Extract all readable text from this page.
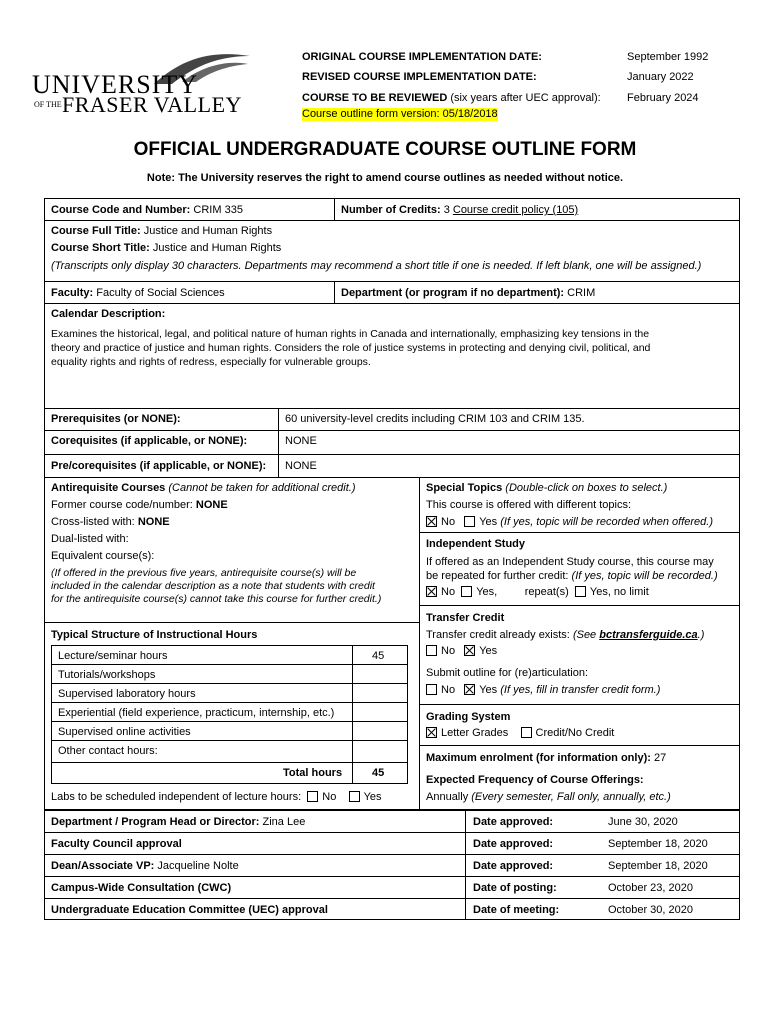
UNIVERSITY
OF THE FRASER VALLEY
ORIGINAL COURSE IMPLEMENTATION DATE:	September 1992
REVISED COURSE IMPLEMENTATION DATE:	January 2022
COURSE TO BE REVIEWED (six years after UEC approval): February 2024
Course outline form version: 05/18/2018
OFFICIAL UNDERGRADUATE COURSE OUTLINE FORM
Note: The University reserves the right to amend course outlines as needed without notice.
Course Code and Number: CRIM 335	Number of Credits: 3 Course credit policy (105)
Course Full Title: Justice and Human Rights
Course Short Title: Justice and Human Rights
(Transcripts only display 30 characters. Departments may recommend a short title if one is needed. If left blank, one will be assigned.)
Faculty: Faculty of Social Sciences	Department (or program if no department): CRIM
Calendar Description:
Examines the historical, legal, and political nature of human rights in Canada and internationally, emphasizing key tensions in the
theory and practice of justice and human rights. Considers the role of justice systems in protecting and denying civil, political, and
equality rights and rights of redress, especially for vulnerable groups.
Prerequisites (or NONE):	60 university-level credits including CRIM 103 and CRIM 135.
Corequisites (if applicable, or NONE):	NONE
Pre/corequisites (if applicable, or NONE): NONE
Antirequisite Courses (Cannot be taken for additional credit.)
Former course code/number: NONE
Cross-listed with: NONE
Dual-listed with:
Equivalent course(s):
(If offered in the previous five years, antirequisite course(s) will be
included in the calendar description as a note that students with credit
for the antirequisite course(s) cannot take this course for further credit.)
Typical Structure of Instructional Hours
Lecture/seminar hours	45
Tutorials/workshops
Supervised laboratory hours
Experiential (field experience, practicum, internship, etc.)
Supervised online activities
Other contact hours:
Total hours	45
Labs to be scheduled independent of lecture hours: No Yes
Special Topics (Double-click on boxes to select.)
This course is offered with different topics:
No Yes (If yes, topic will be recorded when offered.)
Independent Study
If offered as an Independent Study course, this course may
be repeated for further credit: (If yes, topic will be recorded.)
No Yes,	repeat(s) Yes, no limit
Transfer Credit
Transfer credit already exists: (See bctransferguide.ca.)
No Yes
Submit outline for (re)articulation:
No Yes (If yes, fill in transfer credit form.)
Grading System
Letter Grades Credit/No Credit
Maximum enrolment (for information only): 27
Expected Frequency of Course Offerings:
Annually (Every semester, Fall only, annually, etc.)
Department / Program Head or Director: Zina Lee	Date approved:	June 30, 2020
Faculty Council approval	Date approved:	September 18, 2020
Dean/Associate VP: Jacqueline Nolte	Date approved:	September 18, 2020
Campus-Wide Consultation (CWC)	Date of posting:	October 23, 2020
Undergraduate Education Committee (UEC) approval	Date of meeting:	October 30, 2020
